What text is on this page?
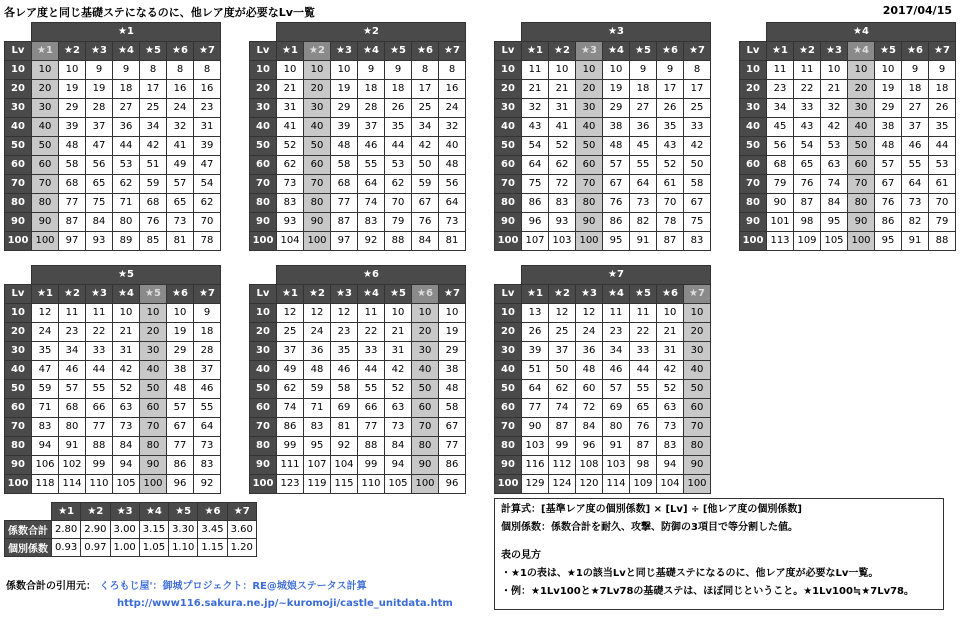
各レア度と同じ基礎ステになるのに、他レア度が必要なLv一覧	2017/04/15
	★1						
Lv	★1	★2	★3	★4	★5	★6	★7
10	10	10	9	9	8	8	8
20	20	19	19	18	17	16	16
30	30	29	28	27	25	24	23
40	40	39	37	36	34	32	31
50	50	48	47	44	42	41	39
60	60	58	56	53	51	49	47
70	70	68	65	62	59	57	54
80	80	77	75	71	68	65	62
90	90	87	84	80	76	73	70
100	100	97	93	89	85	81	78
	★2						
Lv	★1	★2	★3	★4	★5	★6	★7
10	10	10	10	9	9	8	8
20	21	20	19	18	18	17	16
30	31	30	29	28	26	25	24
40	41	40	39	37	35	34	32
50	52	50	48	46	44	42	40
60	62	60	58	55	53	50	48
70	73	70	68	64	62	59	56
80	83	80	77	74	70	67	64
90	93	90	87	83	79	76	73
100	104	100	97	92	88	84	81
	★3						
Lv	★1	★2	★3	★4	★5	★6	★7
10	11	10	10	10	9	9	8
20	21	21	20	19	18	17	17
30	32	31	30	29	27	26	25
40	43	41	40	38	36	35	33
50	54	52	50	48	45	43	42
60	64	62	60	57	55	52	50
70	75	72	70	67	64	61	58
80	86	83	80	76	73	70	67
90	96	93	90	86	82	78	75
100	107	103	100	95	91	87	83
	★4						
Lv	★1	★2	★3	★4	★5	★6	★7
10	11	11	10	10	10	9	9
20	23	22	21	20	19	18	18
30	34	33	32	30	29	27	26
40	45	43	42	40	38	37	35
50	56	54	53	50	48	46	44
60	68	65	63	60	57	55	53
70	79	76	74	70	67	64	61
80	90	87	84	80	76	73	70
90	101	98	95	90	86	82	79
100	113	109	105	100	95	91	88
	★5						
Lv	★1	★2	★3	★4	★5	★6	★7
10	12	11	11	10	10	10	9
20	24	23	22	21	20	19	18
30	35	34	33	31	30	29	28
40	47	46	44	42	40	38	37
50	59	57	55	52	50	48	46
60	71	68	66	63	60	57	55
70	83	80	77	73	70	67	64
80	94	91	88	84	80	77	73
90	106	102	99	94	90	86	83
100	118	114	110	105	100	96	92
	★6						
Lv	★1	★2	★3	★4	★5	★6	★7
10	12	12	12	11	10	10	10
20	25	24	23	22	21	20	19
30	37	36	35	33	31	30	29
40	49	48	46	44	42	40	38
50	62	59	58	55	52	50	48
60	74	71	69	66	63	60	58
70	86	83	81	77	73	70	67
80	99	95	92	88	84	80	77
90	111	107	104	99	94	90	86
100	123	119	115	110	105	100	96
	★7						
Lv	★1	★2	★3	★4	★5	★6	★7
10	13	12	12	11	11	10	10
20	26	25	24	23	22	21	20
30	39	37	36	34	33	31	30
40	51	50	48	46	44	42	40
50	64	62	60	57	55	52	50
60	77	74	72	69	65	63	60
70	90	87	84	80	76	73	70
80	103	99	96	91	87	83	80
90	116	112	108	103	98	94	90
100	129	124	120	114	109	104	100
	★1	★2	★3	★4	★5	★6	★7
係数合計	2.80	2.90	3.00	3.15	3.30	3.45	3.60
個別係数	0.93	0.97	1.00	1.05	1.10	1.15	1.20
係数合計の引用元： くろもじ屋'：御城プロジェクト：RE@城娘ステータス計算
http://www116.sakura.ne.jp/~kuromoji/castle_unitdata.htm
計算式：[基準レア度の個別係数] × [Lv] ÷ [他レア度の個別係数]
個別係数：係数合計を耐久、攻撃、防御の3項目で等分割した値。
表の見方
・★1の表は、★1の該当Lvと同じ基礎ステになるのに、他レア度が必要なLv一覧。
・例：★1Lv100と★7Lv78の基礎ステは、ほぼ同じということ。★1Lv100≒★7Lv78。
